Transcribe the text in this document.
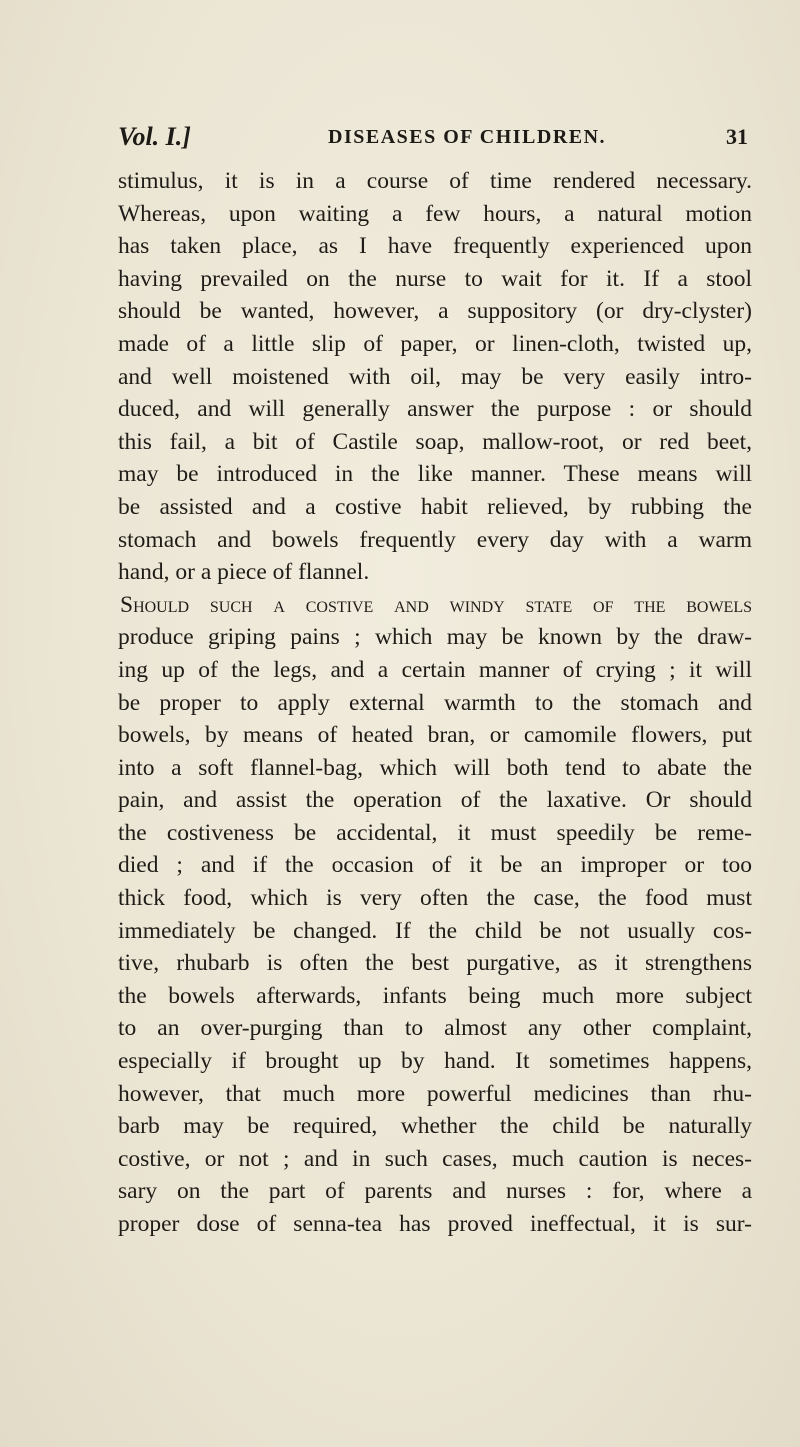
Vol. I.]	DISEASES OF CHILDREN.	31
stimulus, it is in a course of time rendered necessary.
Whereas, upon waiting a few hours, a natural motion
has taken place, as I have frequently experienced upon
having prevailed on the nurse to wait for it. If a stool
should be wanted, however, a suppository (or dry-clyster)
made of a little slip of paper, or linen-cloth, twisted up,
and well moistened with oil, may be very easily intro-
duced, and will generally answer the purpose : or should
this fail, a bit of Castile soap, mallow-root, or red beet,
may be introduced in the like manner. These means will
be assisted and a costive habit relieved, by rubbing the
stomach and bowels frequently every day with a warm
hand, or a piece of flannel.
Should such a costive and windy state of the bowels
produce griping pains ; which may be known by the draw-
ing up of the legs, and a certain manner of crying ; it will
be proper to apply external warmth to the stomach and
bowels, by means of heated bran, or camomile flowers, put
into a soft flannel-bag, which will both tend to abate the
pain, and assist the operation of the laxative. Or should
the costiveness be accidental, it must speedily be reme-
died ; and if the occasion of it be an improper or too
thick food, which is very often the case, the food must
immediately be changed. If the child be not usually cos-
tive, rhubarb is often the best purgative, as it strengthens
the bowels afterwards, infants being much more subject
to an over-purging than to almost any other complaint,
especially if brought up by hand. It sometimes happens,
however, that much more powerful medicines than rhu-
barb may be required, whether the child be naturally
costive, or not ; and in such cases, much caution is neces-
sary on the part of parents and nurses : for, where a
proper dose of senna-tea has proved ineffectual, it is sur-
